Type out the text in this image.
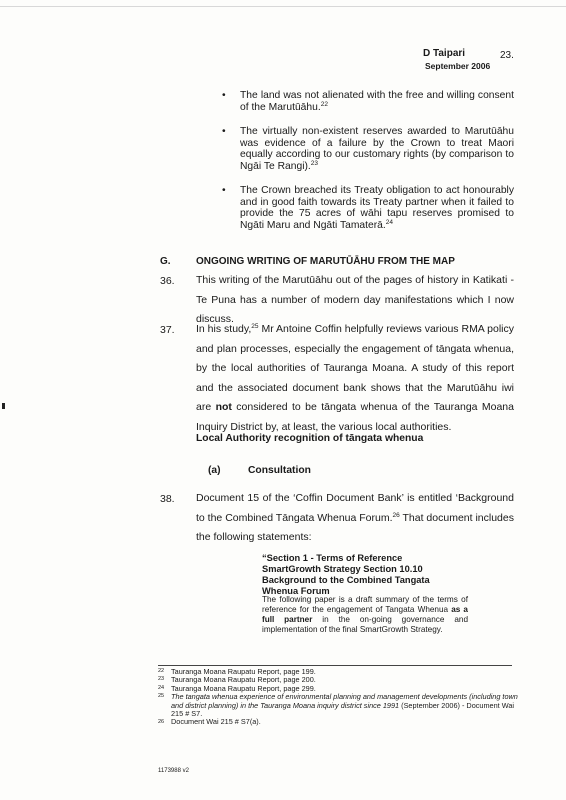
D Taipari	23.
September 2006
• The land was not alienated with the free and willing consent of the Marutūāhu.$^{22}$
• The virtually non-existent reserves awarded to Marutūāhu was evidence of a failure by the Crown to treat Maori equally according to our customary rights (by comparison to Ngāi Te Rangi).$^{23}$
• The Crown breached its Treaty obligation to act honourably and in good faith towards its Treaty partner when it failed to provide the 75 acres of wāhi tapu reserves promised to Ngāti Maru and Ngāti Tamaterā.$^{24}$
G.	ONGOING WRITING OF MARUTŪĀHU FROM THE MAP
36. This writing of the Marutūāhu out of the pages of history in Katikati - Te Puna has a number of modern day manifestations which I now discuss.
37. In his study,$^{25}$ Mr Antoine Coffin helpfully reviews various RMA policy and plan processes, especially the engagement of tāngata whenua, by the local authorities of Tauranga Moana. A study of this report and the associated document bank shows that the Marutūāhu iwi are not considered to be tāngata whenua of the Tauranga Moana Inquiry District by, at least, the various local authorities.
Local Authority recognition of tāngata whenua
(a)	Consultation
38. Document 15 of the ‘Coffin Document Bank’ is entitled ‘Background to the Combined Tāngata Whenua Forum.$^{26}$ That document includes the following statements:
“Section 1 - Terms of Reference SmartGrowth Strategy Section 10.10 Background to the Combined Tangata Whenua Forum
The following paper is a draft summary of the terms of reference for the engagement of Tangata Whenua as a full partner in the on-going governance and implementation of the final SmartGrowth Strategy.
22 Tauranga Moana Raupatu Report, page 199.
23 Tauranga Moana Raupatu Report, page 200.
24 Tauranga Moana Raupatu Report, page 299.
25 The tangata whenua experience of environmental planning and management developments (including town and district planning) in the Tauranga Moana inquiry district since 1991 (September 2006) - Document Wai 215 # S7.
26 Document Wai 215 # S7(a).
1173988 v2
